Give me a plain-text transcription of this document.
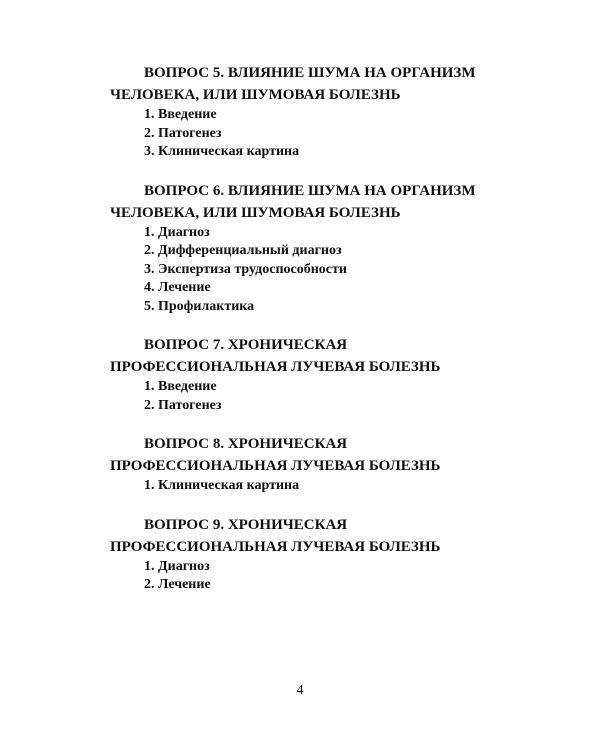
ВОПРОС 5. ВЛИЯНИЕ ШУМА НА ОРГАНИЗМ ЧЕЛОВЕКА, ИЛИ ШУМОВАЯ БОЛЕЗНЬ

1. Введение
2. Патогенез
3. Клиническая картина

ВОПРОС 6. ВЛИЯНИЕ ШУМА НА ОРГАНИЗМ ЧЕЛОВЕКА, ИЛИ ШУМОВАЯ БОЛЕЗНЬ

1. Диагноз
2. Дифференциальный диагноз
3. Экспертиза трудоспособности
4. Лечение
5. Профилактика

ВОПРОС 7. ХРОНИЧЕСКАЯ ПРОФЕССИОНАЛЬНАЯ ЛУЧЕВАЯ БОЛЕЗНЬ

1. Введение
2. Патогенез

ВОПРОС 8. ХРОНИЧЕСКАЯ ПРОФЕССИОНАЛЬНАЯ ЛУЧЕВАЯ БОЛЕЗНЬ

1. Клиническая картина

ВОПРОС 9. ХРОНИЧЕСКАЯ ПРОФЕССИОНАЛЬНАЯ ЛУЧЕВАЯ БОЛЕЗНЬ

1. Диагноз
2. Лечение
4
